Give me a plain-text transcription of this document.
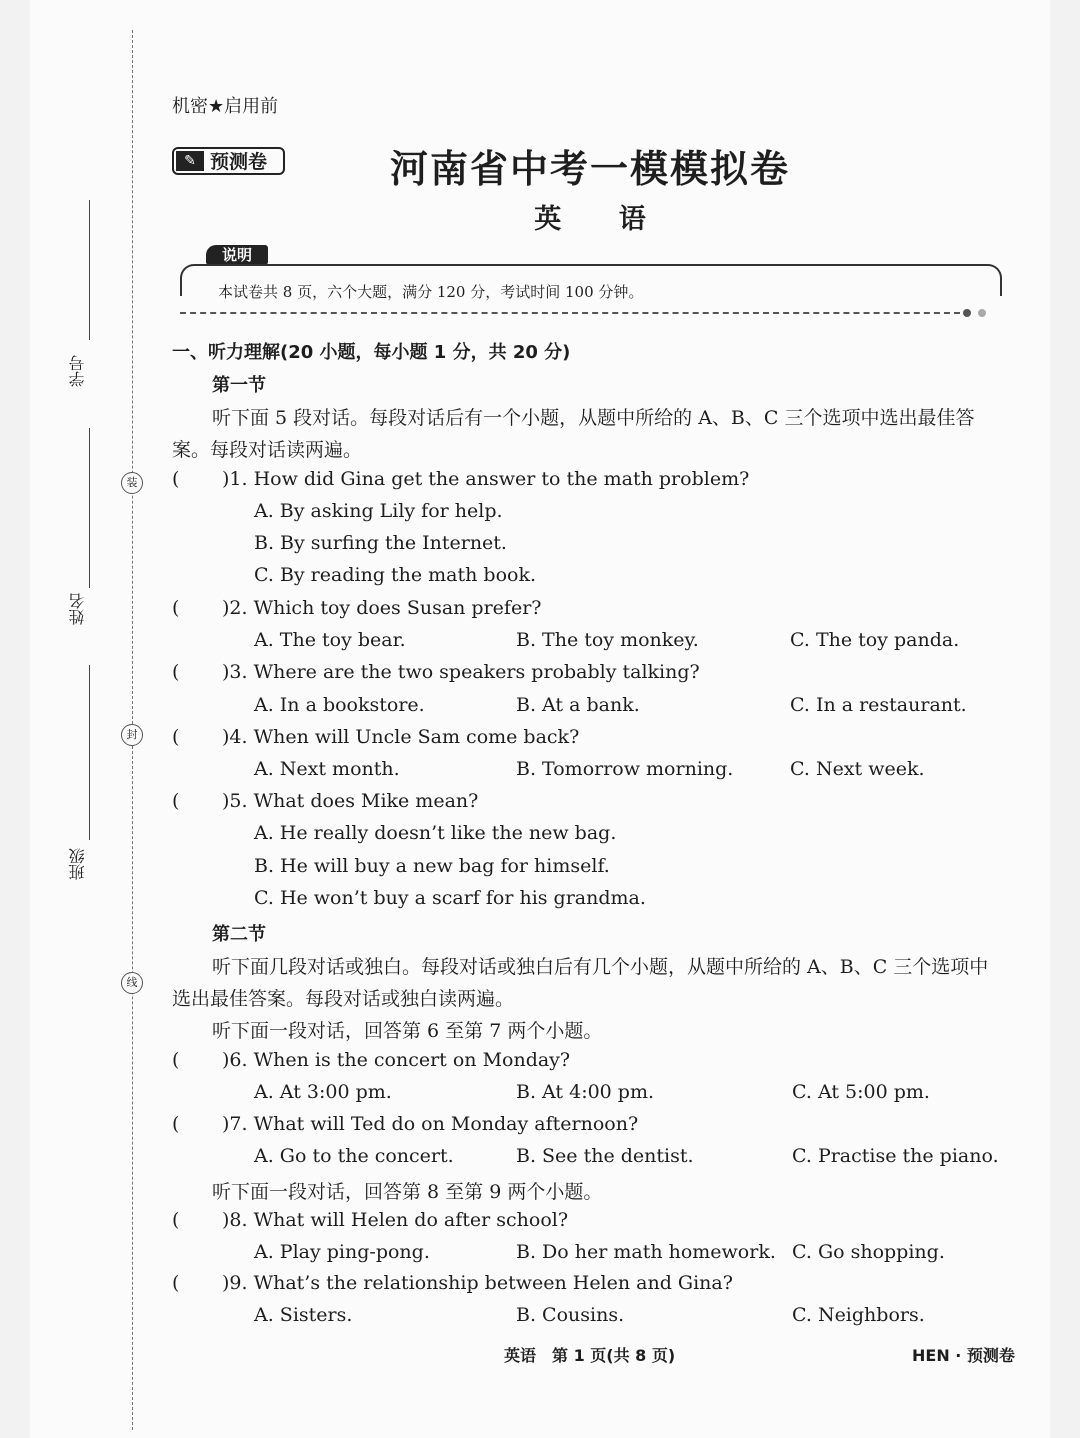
学号
姓名
班级
装
封
线
机密★启用前
✎ 预测卷	河南省中考一模模拟卷
英 语
说明
本试卷共 8 页，六个大题，满分 120 分，考试时间 100 分钟。
一、听力理解(20 小题，每小题 1 分，共 20 分)
第一节
听下面 5 段对话。每段对话后有一个小题，从题中所给的 A、B、C 三个选项中选出最佳答
案。每段对话读两遍。
( )1. How did Gina get the answer to the math problem?
A. By asking Lily for help.
B. By surfing the Internet.
C. By reading the math book.
( )2. Which toy does Susan prefer?
A. The toy bear.	B. The toy monkey.	C. The toy panda.
( )3. Where are the two speakers probably talking?
A. In a bookstore.	B. At a bank.	C. In a restaurant.
( )4. When will Uncle Sam come back?
A. Next month.	B. Tomorrow morning.	C. Next week.
( )5. What does Mike mean?
A. He really doesn’t like the new bag.
B. He will buy a new bag for himself.
C. He won’t buy a scarf for his grandma.
第二节
听下面几段对话或独白。每段对话或独白后有几个小题，从题中所给的 A、B、C 三个选项中
选出最佳答案。每段对话或独白读两遍。
听下面一段对话，回答第 6 至第 7 两个小题。
( )6. When is the concert on Monday?
A. At 3:00 pm.	B. At 4:00 pm.	C. At 5:00 pm.
( )7. What will Ted do on Monday afternoon?
A. Go to the concert.	B. See the dentist.	C. Practise the piano.
听下面一段对话，回答第 8 至第 9 两个小题。
( )8. What will Helen do after school?
A. Play ping-pong.	B. Do her math homework. C. Go shopping.
( )9. What’s the relationship between Helen and Gina?
A. Sisters.	B. Cousins.	C. Neighbors.
英语　第 1 页(共 8 页)	HEN · 预测卷
